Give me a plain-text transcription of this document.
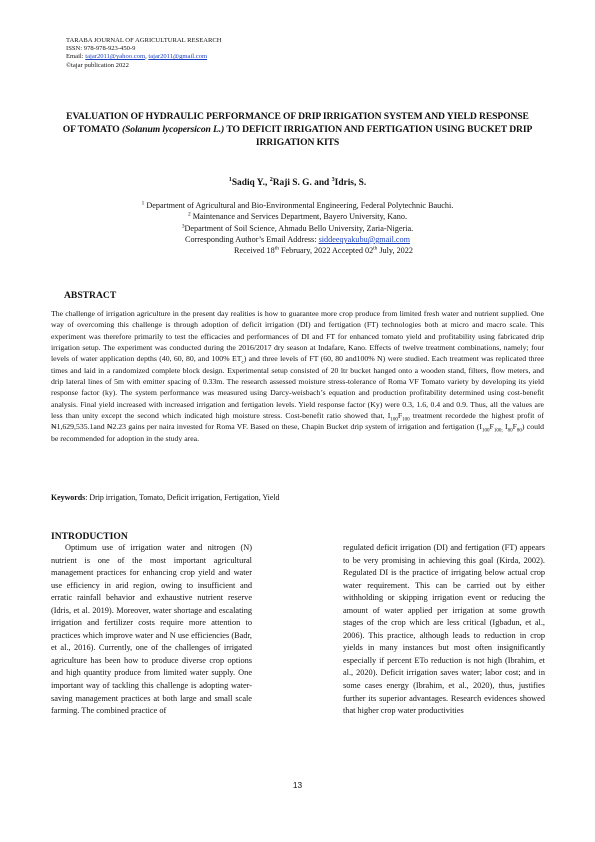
TARABA JOURNAL OF AGRICULTURAL RESEARCH
ISSN: 978-978-923-450-9
Email: tajar2011@yahoo.com, tajar2011@gmail.com
©tajar publication 2022
EVALUATION OF HYDRAULIC PERFORMANCE OF DRIP IRRIGATION SYSTEM AND YIELD RESPONSE OF TOMATO (Solanum lycopersicon L.) TO DEFICIT IRRIGATION AND FERTIGATION USING BUCKET DRIP IRRIGATION KITS
$^1$Sadiq Y., $^2$Raji S. G. and $^3$Idris, S.
$^1$ Department of Agricultural and Bio-Environmental Engineering, Federal Polytechnic Bauchi.
$^2$ Maintenance and Services Department, Bayero University, Kano.
$^3$Department of Soil Science, Ahmadu Bello University, Zaria-Nigeria.
Corresponding Author’s Email Address: siddeeqyakubu@gmail.com
Received 18th February, 2022 Accepted 02th July, 2022
ABSTRACT
The challenge of irrigation agriculture in the present day realities is how to guarantee more crop produce from limited fresh water and nutrient supplied. One way of overcoming this challenge is through adoption of deficit irrigation (DI) and fertigation (FT) technologies both at micro and macro scale. This experiment was therefore primarily to test the efficacies and performances of DI and FT for enhanced tomato yield and profitability using fabricated drip irrigation setup. The experiment was conducted during the 2016/2017 dry season at Indafare, Kano. Effects of twelve treatment combinations, namely; four levels of water application depths (40, 60, 80, and 100% $ET_c$) and three levels of FT (60, 80 and100% N) were studied. Each treatment was replicated three times and laid in a randomized complete block design. Experimental setup consisted of 20 ltr bucket hanged onto a wooden stand, filters, flow meters, and drip lateral lines of 5m with emitter spacing of 0.33m. The research assessed moisture stress-tolerance of Roma VF Tomato variety by developing its yield response factor (ky). The system performance was measured using Darcy-weisbach’s equation and production profitability determined using cost-benefit analysis. Final yield increased with increased irrigation and fertigation levels. Yield response factor (Ky) were 0.3, 1.6, 0.4 and 0.9. Thus, all the values are less than unity except the second which indicated high moisture stress. Cost-benefit ratio showed that, $I_{100}F_{100}$ treatment recordede the highest profit of ₦1,629,535.1and ₦2.23 gains per naira invested for Roma VF. Based on these, Chapin Bucket drip system of irrigation and fertigation ($I_{100}F_{100;}$ $I_{80}F_{80}$) could be recommended for adoption in the study area.
Keywords: Drip irrigation, Tomato, Deficit irrigation, Fertigation, Yield
INTRODUCTION
Optimum use of irrigation water and nitrogen (N) nutrient is one of the most important agricultural management practices for enhancing crop yield and water use efficiency in arid region, owing to insufficient and erratic rainfall behavior and exhaustive nutrient reserve (Idris, et al. 2019). Moreover, water shortage and escalating irrigation and fertilizer costs require more attention to practices which improve water and N use efficiencies (Badr, et al., 2016). Currently, one of the challenges of irrigated agriculture has been how to produce diverse crop options and high quantity produce from limited water supply. One important way of tackling this challenge is adopting water-saving management practices at both large and small scale farming. The combined practice of
regulated deficit irrigation (DI) and fertigation (FT) appears to be very promising in achieving this goal (Kirda, 2002). Regulated DI is the practice of irrigating below actual crop water requirement. This can be carried out by either withholding or skipping irrigation event or reducing the amount of water applied per irrigation at some growth stages of the crop which are less critical (Igbadun, et al., 2006). This practice, although leads to reduction in crop yields in many instances but most often insignificantly especially if percent ETo reduction is not high (Ibrahim, et al., 2020). Deficit irrigation saves water; labor cost; and in some cases energy (Ibrahim, et al., 2020), thus, justifies further its superior advantages. Research evidences showed that higher crop water productivities
13
